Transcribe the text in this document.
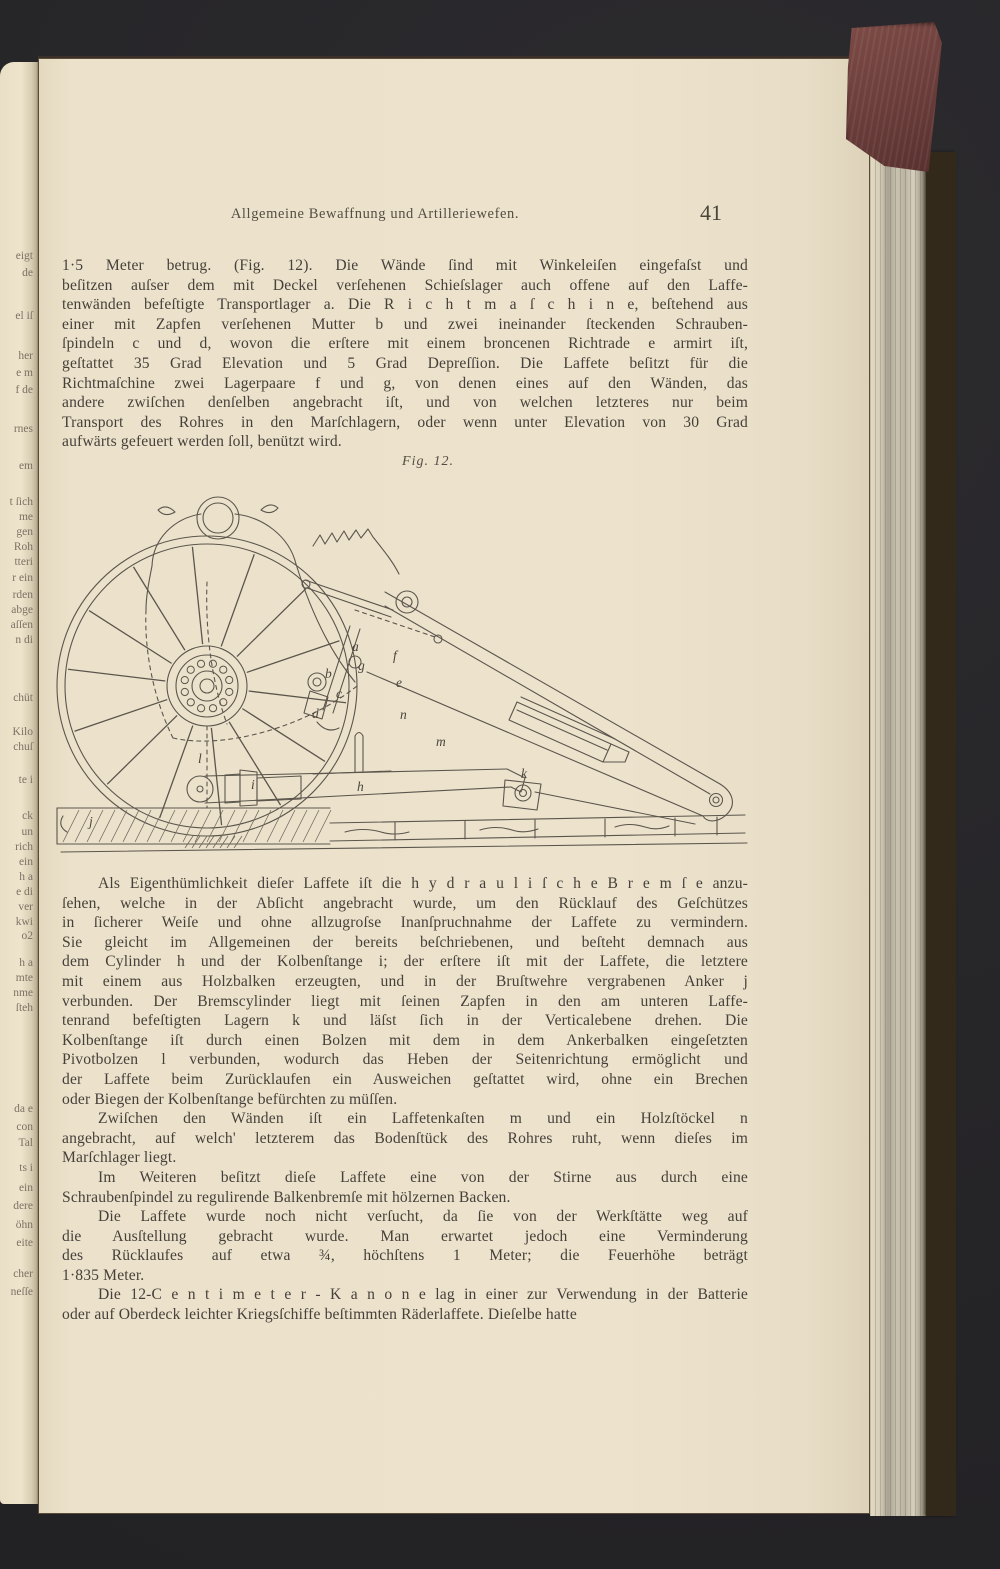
eigt
de
el iſ
her
e m
f de
rnes
em
t ſich
me
gen
Roh
tteri
r ein
rden
abge
aſſen
n di
chüt
Kilo
chuſ
te i
ck
un
rich
ein
h a
e di
ver
kwi
o2
h a
mte
nme
ſteh
da e
con
Tal
ts i
ein
dere
öhn
eite
cher
neſſe
Allgemeine Bewaffnung und Artilleriewefen.	41
1·5 Meter betrug. (Fig. 12). Die Wände ſind mit Winkeleiſen eingefaſst und
beſitzen auſser dem mit Deckel verſehenen Schieſslager auch offene auf den Laffe-
tenwänden befeſtigte Transportlager a. Die R i c h t m a ſ c h i n e, beſtehend aus
einer mit Zapfen verſehenen Mutter b und zwei ineinander ſteckenden Schrauben-
ſpindeln c und d, wovon die erſtere mit einem broncenen Richtrade e armirt iſt,
geſtattet 35 Grad Elevation und 5 Grad Depreſſion. Die Laffete beſitzt für die
Richtmaſchine zwei Lagerpaare f und g, von denen eines auf den Wänden, das
andere zwiſchen denſelben angebracht iſt, und von welchen letzteres nur beim
Transport des Rohres in den Marſchlagern, oder wenn unter Elevation von 30 Grad
aufwärts gefeuert werden ſoll, benützt wird.
Fig. 12.
a
b
c
d
e
f
g
h
i
j
k
l
m
n
Als Eigenthümlichkeit dieſer Laffete iſt die h y d r a u l i ſ c h e B r e m ſ e anzu-
ſehen, welche in der Abſicht angebracht wurde, um den Rücklauf des Geſchützes
in ſicherer Weiſe und ohne allzugroſse Inanſpruchnahme der Laffete zu vermindern.
Sie gleicht im Allgemeinen der bereits beſchriebenen, und beſteht demnach aus
dem Cylinder h und der Kolbenſtange i; der erſtere iſt mit der Laffete, die letztere
mit einem aus Holzbalken erzeugten, und in der Bruſtwehre vergrabenen Anker j
verbunden. Der Bremscylinder liegt mit ſeinen Zapfen in den am unteren Laffe-
tenrand befeſtigten Lagern k und läſst ſich in der Verticalebene drehen. Die
Kolbenſtange iſt durch einen Bolzen mit dem in dem Ankerbalken eingeſetzten
Pivotbolzen l verbunden, wodurch das Heben der Seitenrichtung ermöglicht und
der Laffete beim Zurücklaufen ein Ausweichen geſtattet wird, ohne ein Brechen
oder Biegen der Kolbenſtange befürchten zu müſſen.
Zwiſchen den Wänden iſt ein Laffetenkaſten m und ein Holzſtöckel n
angebracht, auf welch' letzterem das Bodenſtück des Rohres ruht, wenn dieſes im
Marſchlager liegt.
Im Weiteren beſitzt dieſe Laffete eine von der Stirne aus durch eine
Schraubenſpindel zu regulirende Balkenbremſe mit hölzernen Backen.
Die Laffete wurde noch nicht verſucht, da ſie von der Werkſtätte weg auf
die Ausſtellung gebracht wurde. Man erwartet jedoch eine Verminderung
des Rücklaufes auf etwa ¾, höchſtens 1 Meter; die Feuerhöhe beträgt
1·835 Meter.
Die 12-C e n t i m e t e r - K a n o n e lag in einer zur Verwendung in der Batterie
oder auf Oberdeck leichter Kriegsſchiffe beſtimmten Räderlaffete. Dieſelbe hatte
